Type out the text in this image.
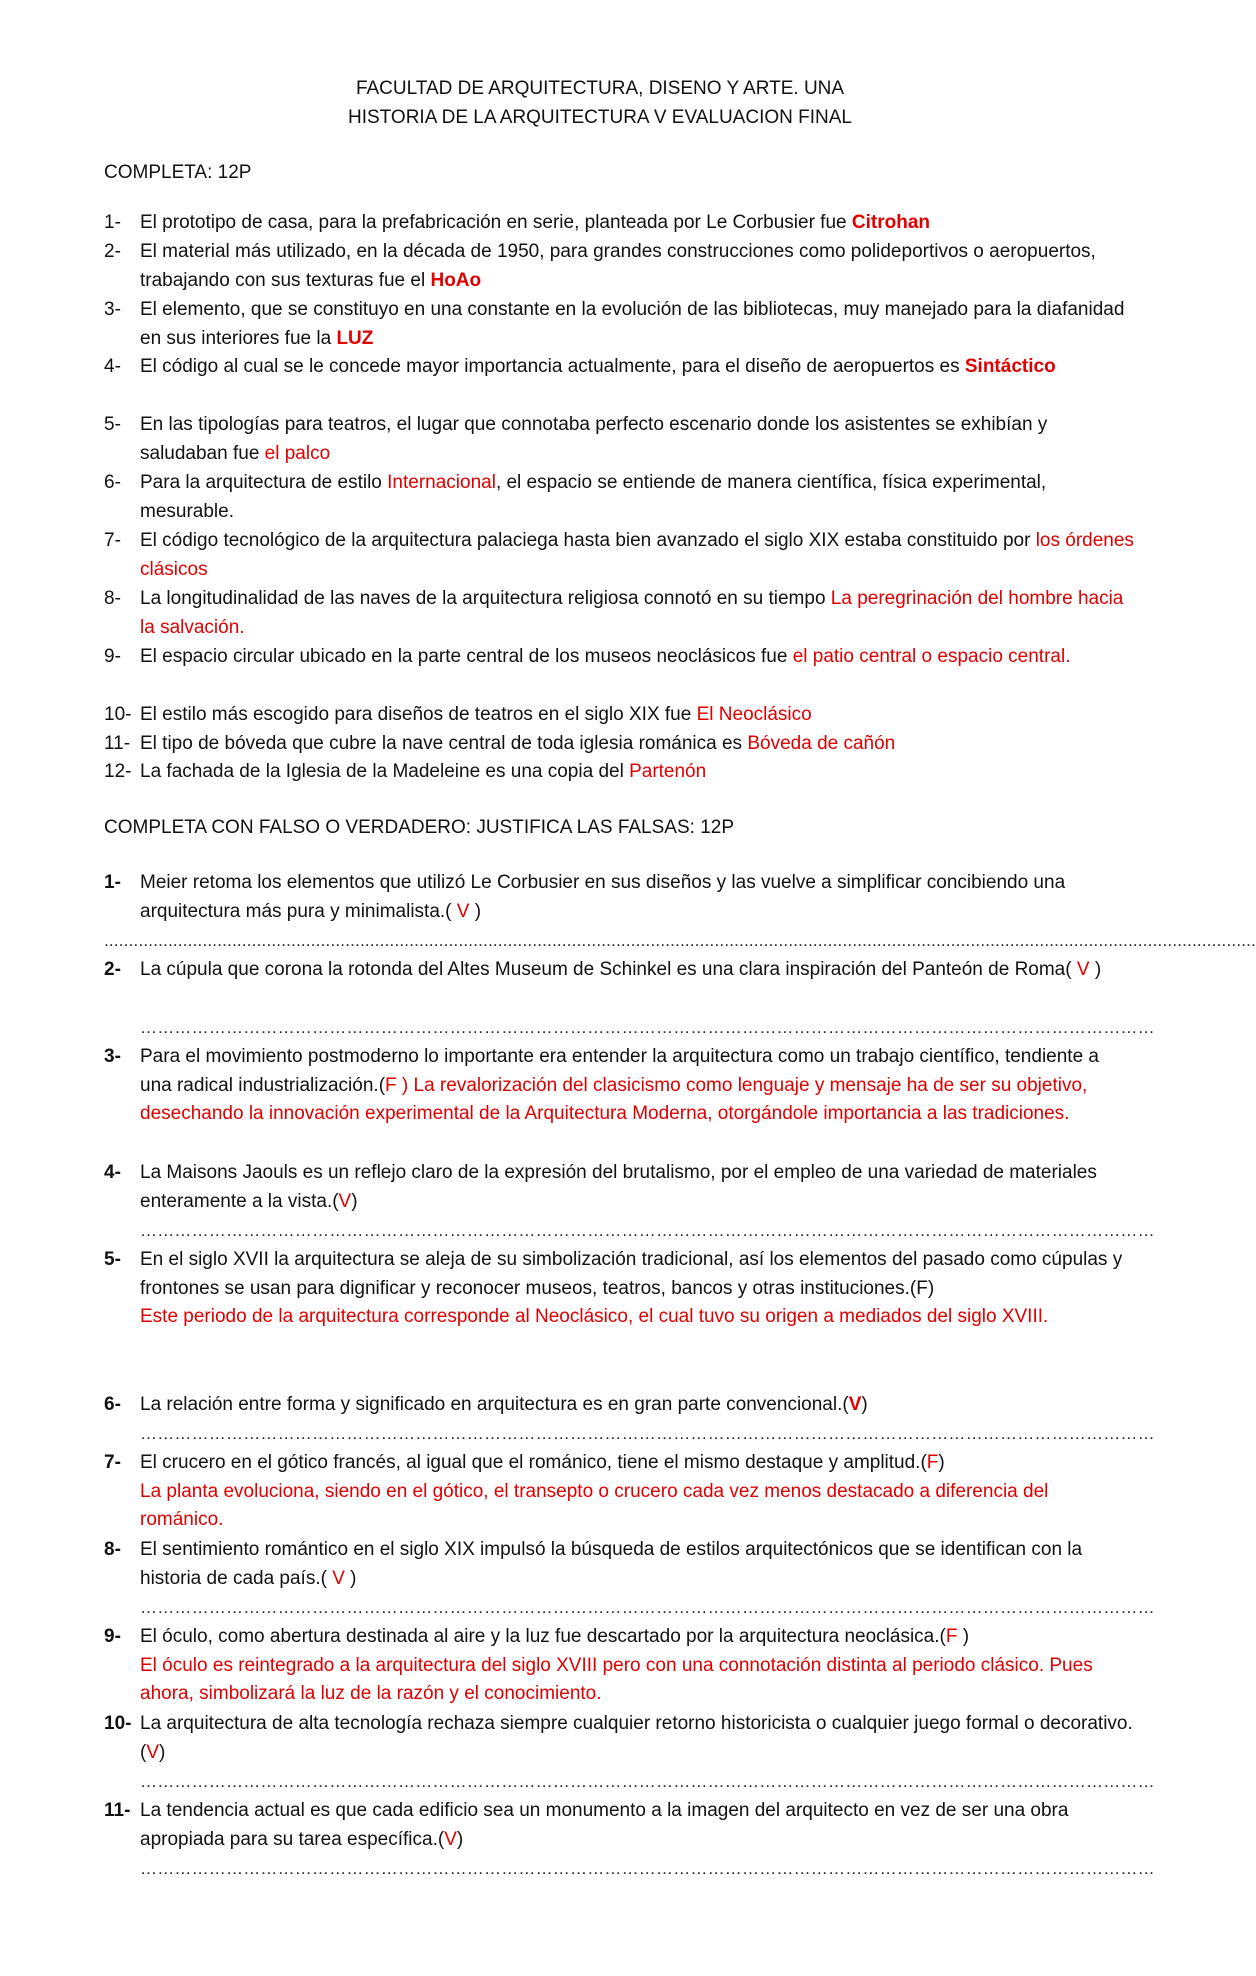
FACULTAD DE ARQUITECTURA, DISENO Y ARTE. UNA
HISTORIA DE LA ARQUITECTURA V EVALUACION FINAL
COMPLETA: 12P
1-	El prototipo de casa, para la prefabricación en serie, planteada por Le Corbusier fue Citrohan
2-	El material más utilizado, en la década de 1950, para grandes construcciones como polideportivos o aeropuertos, trabajando con sus texturas fue el HoAo
3-	El elemento, que se constituyo en una constante en la evolución de las bibliotecas, muy manejado para la diafanidad en sus interiores fue la LUZ
4-	El código al cual se le concede mayor importancia actualmente, para el diseño de aeropuertos es Sintáctico
5-	En las tipologías para teatros, el lugar que connotaba perfecto escenario donde los asistentes se exhibían y saludaban fue el palco
6-	Para la arquitectura de estilo Internacional, el espacio se entiende de manera científica, física experimental, mesurable.
7-	El código tecnológico de la arquitectura palaciega hasta bien avanzado el siglo XIX estaba constituido por los órdenes clásicos
8-	La longitudinalidad de las naves de la arquitectura religiosa connotó en su tiempo La peregrinación del hombre hacia la salvación.
9-	El espacio circular ubicado en la parte central de los museos neoclásicos fue el patio central o espacio central.
10- El estilo más escogido para diseños de teatros en el siglo XIX fue El Neoclásico
11- El tipo de bóveda que cubre la nave central de toda iglesia románica es Bóveda de cañón
12- La fachada de la Iglesia de la Madeleine es una copia del Partenón
COMPLETA CON FALSO O VERDADERO: JUSTIFICA LAS FALSAS: 12P
1-	Meier retoma los elementos que utilizó Le Corbusier en sus diseños y las vuelve a simplificar concibiendo una arquitectura más pura y minimalista.( V )
..........................................................................................................................................................................................................................................
2-	La cúpula que corona la rotonda del Altes Museum de Schinkel es una clara inspiración del Panteón de Roma( V )
……………………………………………………………………………………………………………………………………………………………
3-	Para el movimiento postmoderno lo importante era entender la arquitectura como un trabajo científico, tendiente a una radical industrialización.(F ) La revalorización del clasicismo como lenguaje y mensaje ha de ser su objetivo, desechando la innovación experimental de la Arquitectura Moderna, otorgándole importancia a las tradiciones.
4-	La Maisons Jaouls es un reflejo claro de la expresión del brutalismo, por el empleo de una variedad de materiales enteramente a la vista.(V)
……………………………………………………………………………………………………………………………………………………………
5-	En el siglo XVII la arquitectura se aleja de su simbolización tradicional, así los elementos del pasado como cúpulas y frontones se usan para dignificar y reconocer museos, teatros, bancos y otras instituciones.(F)
Este periodo de la arquitectura corresponde al Neoclásico, el cual tuvo su origen a mediados del siglo XVIII.
6-	La relación entre forma y significado en arquitectura es en gran parte convencional.(V)
……………………………………………………………………………………………………………………………………………………………
7-	El crucero en el gótico francés, al igual que el románico, tiene el mismo destaque y amplitud.(F)
La planta evoluciona, siendo en el gótico, el transepto o crucero cada vez menos destacado a diferencia del románico.
8-	El sentimiento romántico en el siglo XIX impulsó la búsqueda de estilos arquitectónicos que se identifican con la historia de cada país.( V )
……………………………………………………………………………………………………………………………………………………………
9-	El óculo, como abertura destinada al aire y la luz fue descartado por la arquitectura neoclásica.(F )
El óculo es reintegrado a la arquitectura del siglo XVIII pero con una connotación distinta al periodo clásico. Pues ahora, simbolizará la luz de la razón y el conocimiento.
10- La arquitectura de alta tecnología rechaza siempre cualquier retorno historicista o cualquier juego formal o decorativo.(V)
……………………………………………………………………………………………………………………………………………………………
11- La tendencia actual es que cada edificio sea un monumento a la imagen del arquitecto en vez de ser una obra apropiada para su tarea específica.(V)
……………………………………………………………………………………………………………………………………………………………
